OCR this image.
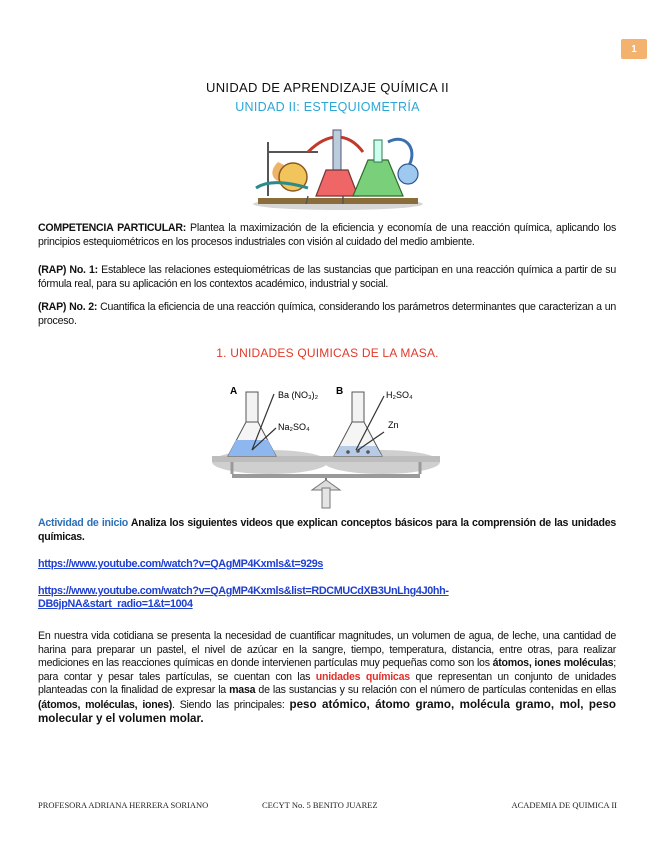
1
UNIDAD DE APRENDIZAJE QUÍMICA II
UNIDAD II: ESTEQUIOMETRÍA
COMPETENCIA PARTICULAR: Plantea la maximización de la eficiencia y economía de una reacción química, aplicando los principios estequiométricos en los procesos industriales con visión al cuidado del medio ambiente.
(RAP) No. 1: Establece las relaciones estequiométricas de las sustancias que participan en una reacción química a partir de su fórmula real, para su aplicación en los contextos académico, industrial y social.
(RAP) No. 2: Cuantifica la eficiencia de una reacción química, considerando los parámetros determinantes que caracterizan a un proceso.
1. UNIDADES QUIMICAS DE LA MASA.
A	B
Ba (NO₃)₂
Na₂SO₄
H₂SO₄
Zn
Actividad de inicio Analiza los siguientes videos que explican conceptos básicos para la comprensión de las unidades químicas.
https://www.youtube.com/watch?v=QAgMP4Kxmls&t=929s
https://www.youtube.com/watch?v=QAgMP4Kxmls&list=RDCMUCdXB3UnLhg4J0hh-
DB6jpNA&start_radio=1&t=1004
En nuestra vida cotidiana se presenta la necesidad de cuantificar magnitudes, un volumen de agua, de leche, una cantidad de harina para preparar un pastel, el nivel de azúcar en la sangre, tiempo, temperatura, distancia, entre otras, para realizar mediciones en las reacciones químicas en donde intervienen partículas muy pequeñas como son los átomos, iones moléculas; para contar y pesar tales partículas, se cuentan con las unidades químicas que representan un conjunto de unidades planteadas con la finalidad de expresar la masa de las sustancias y su relación con el número de partículas contenidas en ellas (átomos, moléculas, iones). Siendo las principales: peso atómico, átomo gramo, molécula gramo, mol, peso molecular y el volumen molar.
PROFESORA ADRIANA HERRERA SORIANO	CECYT No. 5 BENITO JUAREZ	ACADEMIA DE QUIMICA II
